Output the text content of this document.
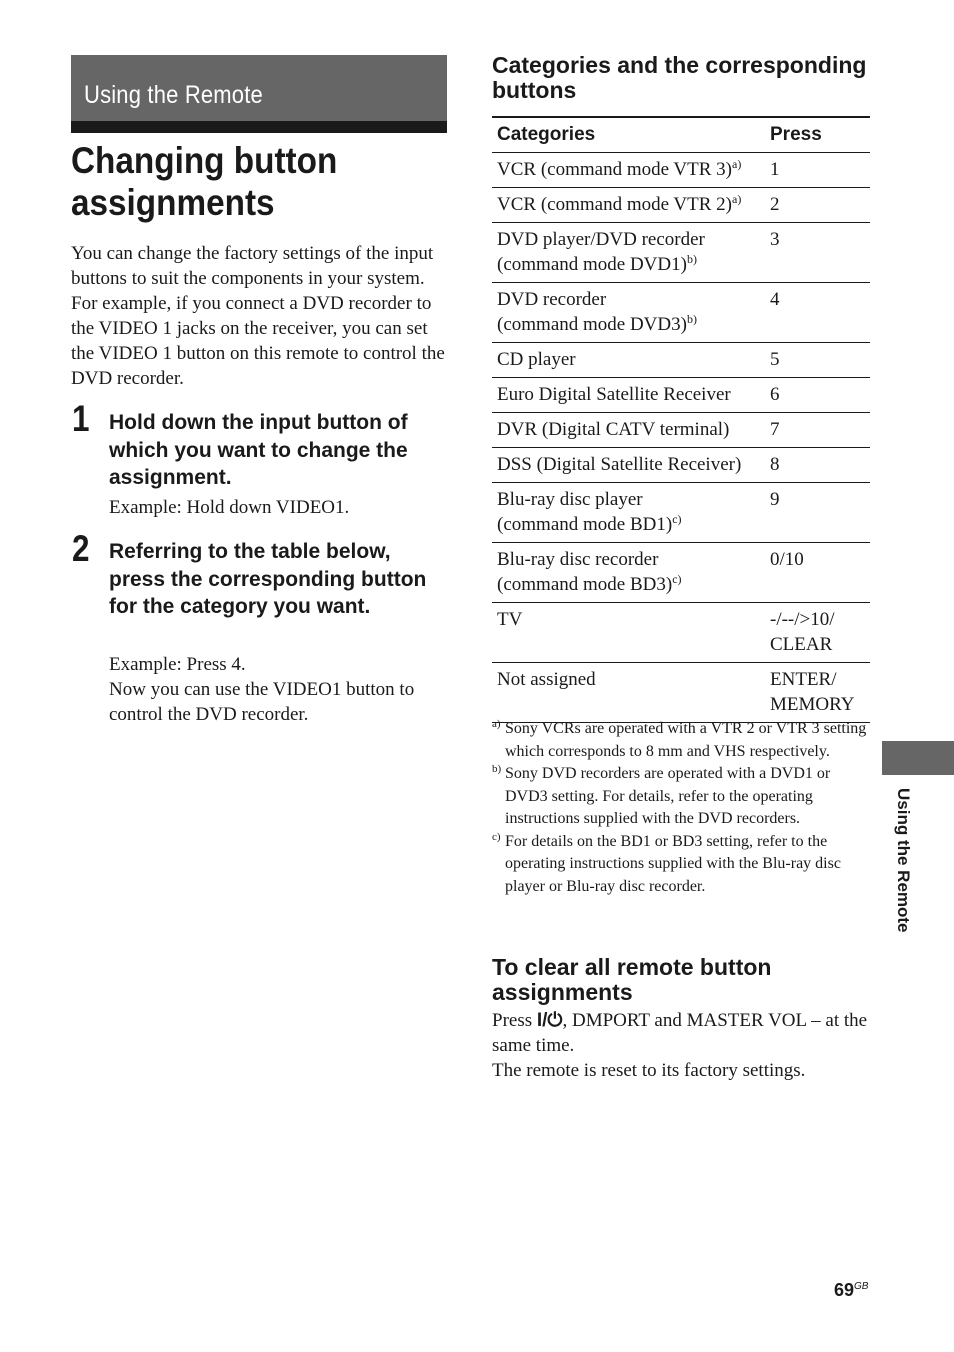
Using the Remote
Changing button assignments
You can change the factory settings of the input buttons to suit the components in your system. For example, if you connect a DVD recorder to the VIDEO 1 jacks on the receiver, you can set the VIDEO 1 button on this remote to control the DVD recorder.
1 Hold down the input button of which you want to change the assignment.

Example: Hold down VIDEO1.

2 Referring to the table below, press the corresponding button for the category you want.

Example: Press 4.

Now you can use the VIDEO1 button to control the DVD recorder.

Categories and the corresponding buttons
Categories	Press
VCR (command mode VTR 3)$^{a)}$	1
VCR (command mode VTR 2)$^{a)}$	2
DVD player/DVD recorder
(command mode DVD1)$^{b)}$	3
DVD recorder
(command mode DVD3)$^{b)}$	4
CD player	5
Euro Digital Satellite Receiver	6
DVR (Digital CATV terminal)	7
DSS (Digital Satellite Receiver)	8
Blu-ray disc player
(command mode BD1)$^{c)}$	9
Blu-ray disc recorder
(command mode BD3)$^{c)}$	0/10
TV	-/--/>10/
CLEAR
Not assigned	ENTER/
MEMORY

a) Sony VCRs are operated with a VTR 2 or VTR 3 setting which corresponds to 8 mm and VHS respectively.

b) Sony DVD recorders are operated with a DVD1 or DVD3 setting. For details, refer to the operating instructions supplied with the DVD recorders.

c) For details on the BD1 or BD3 setting, refer to the operating instructions supplied with the Blu-ray disc player or Blu-ray disc recorder.

To clear all remote button assignments

Press I/⏻, DMPORT and MASTER VOL – at the same time.

The remote is reset to its factory settings.

Using the Remote
$69^{GB}$
